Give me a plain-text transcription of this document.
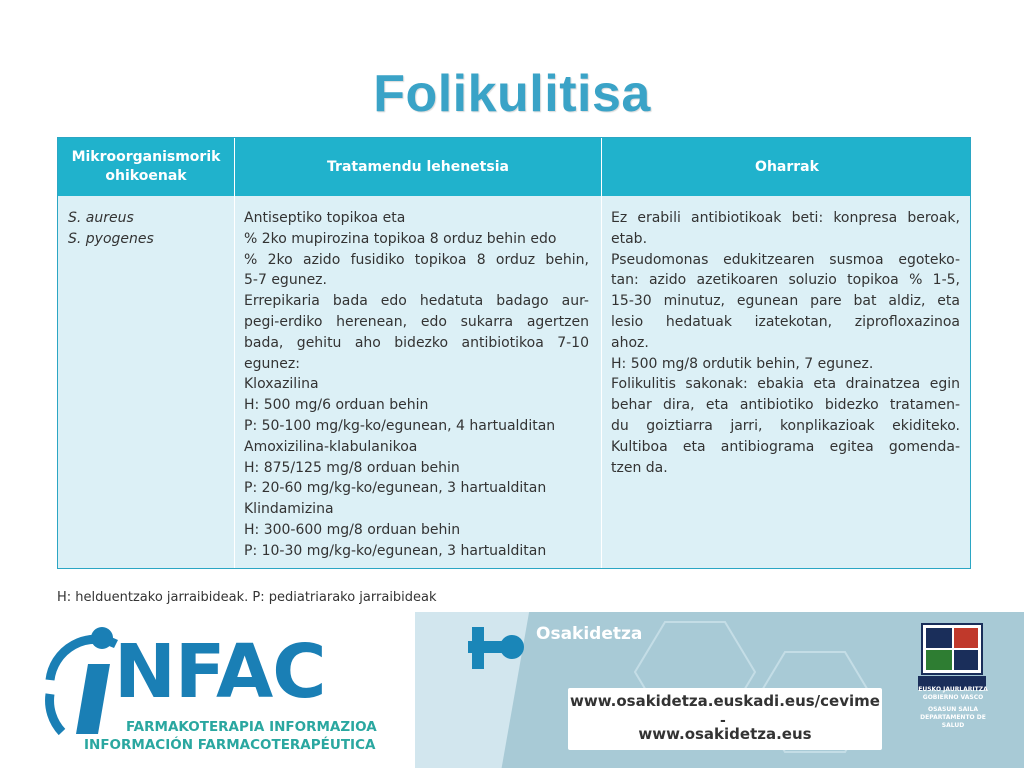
Folikulitisa
Mikroorganismorik ohikoenak
Tratamendu lehenetsia	Oharrak
S. aureus
S. pyogenes
Antiseptiko topikoa eta
% 2ko mupirozina topikoa 8 orduz behin edo
% 2ko azido fusidiko topikoa 8 orduz behin,
5-7 egunez.
Errepikaria bada edo hedatuta badago aur-
pegi-erdiko herenean, edo sukarra agertzen
bada, gehitu aho bidezko antibiotikoa 7-10
egunez:
Kloxazilina
H: 500 mg/6 orduan behin
P: 50-100 mg/kg-ko/egunean, 4 hartualditan
Amoxizilina-klabulanikoa
H: 875/125 mg/8 orduan behin
P: 20-60 mg/kg-ko/egunean, 3 hartualditan
Klindamizina
H: 300-600 mg/8 orduan behin
P: 10-30 mg/kg-ko/egunean, 3 hartualditan
Ez erabili antibiotikoak beti: konpresa beroak,
etab.
Pseudomonas edukitzearen susmoa egoteko-
tan: azido azetikoaren soluzio topikoa % 1-5,
15-30 minutuz, egunean pare bat aldiz, eta
lesio hedatuak izatekotan, ziprofloxazinoa
ahoz.
H: 500 mg/8 ordutik behin, 7 egunez.
Folikulitis sakonak: ebakia eta drainatzea egin
behar dira, eta antibiotiko bidezko tratamen-
du goiztiarra jarri, konplikazioak ekiditeko.
Kultiboa eta antibiograma egitea gomenda-
tzen da.
H: helduentzako jarraibideak. P: pediatriarako jarraibideak
NFAC
FARMAKOTERAPIA INFORMAZIOA
INFORMACIÓN FARMACOTERAPÉUTICA
Osakidetza
www.osakidetza.euskadi.eus/cevime
-
www.osakidetza.eus
EUSKO JAURLARITZA
GOBIERNO VASCO
OSASUN SAILA
DEPARTAMENTO DE SALUD
